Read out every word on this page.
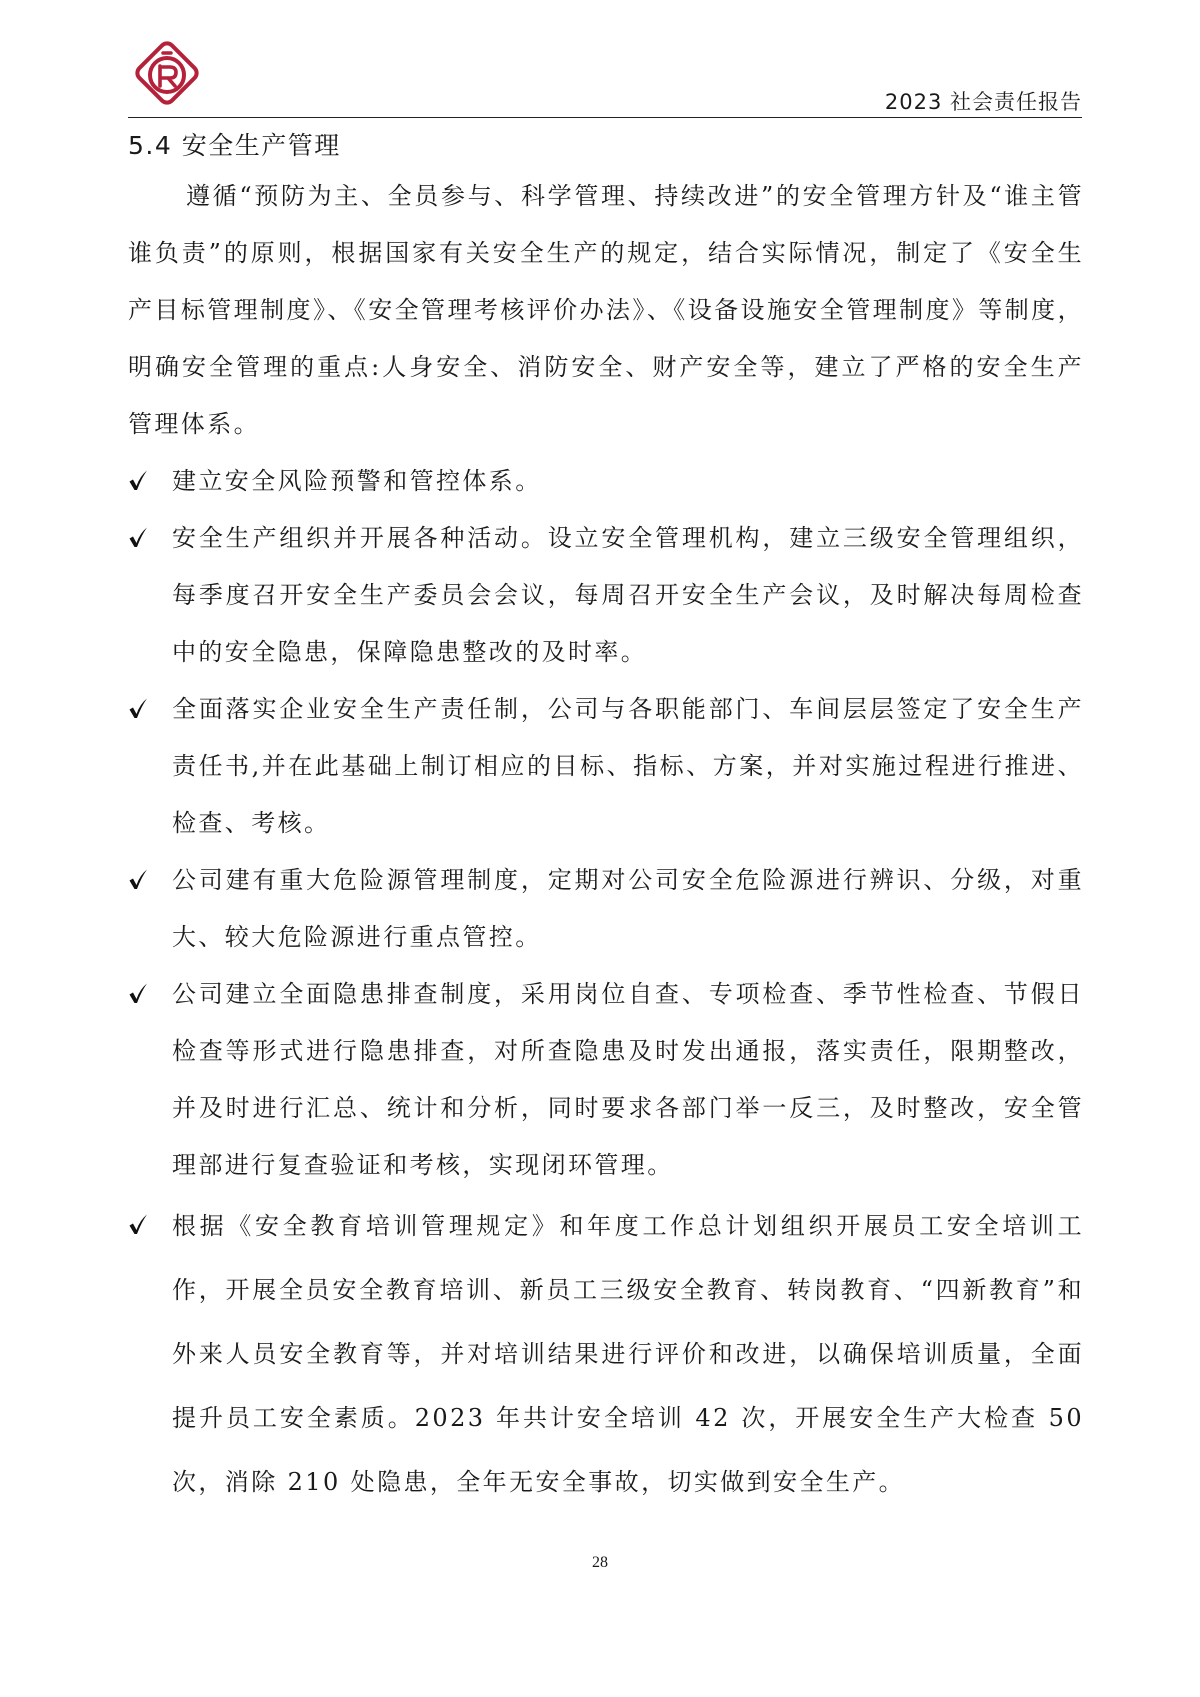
2023 社会责任报告
5.4 安全生产管理

遵循“预防为主、全员参与、科学管理、持续改进”的安全管理方针及“谁主管谁负责”的原则，根据国家有关安全生产的规定，结合实际情况，制定了《安全生产目标管理制度》、《安全管理考核评价办法》、《设备设施安全管理制度》等制度，明确安全管理的重点:人身安全、消防安全、财产安全等，建立了严格的安全生产管理体系。

建立安全风险预警和管控体系。
安全生产组织并开展各种活动。设立安全管理机构，建立三级安全管理组织，每季度召开安全生产委员会会议，每周召开安全生产会议，及时解决每周检查中的安全隐患，保障隐患整改的及时率。
全面落实企业安全生产责任制，公司与各职能部门、车间层层签定了安全生产责任书,并在此基础上制订相应的目标、指标、方案，并对实施过程进行推进、检查、考核。
公司建有重大危险源管理制度，定期对公司安全危险源进行辨识、分级，对重大、较大危险源进行重点管控。
公司建立全面隐患排查制度，采用岗位自查、专项检查、季节性检查、节假日检查等形式进行隐患排查，对所查隐患及时发出通报，落实责任，限期整改，并及时进行汇总、统计和分析，同时要求各部门举一反三，及时整改，安全管理部进行复查验证和考核，实现闭环管理。
根据《安全教育培训管理规定》和年度工作总计划组织开展员工安全培训工作，开展全员安全教育培训、新员工三级安全教育、转岗教育、“四新教育”和外来人员安全教育等，并对培训结果进行评价和改进，以确保培训质量，全面提升员工安全素质。2023 年共计安全培训 42 次，开展安全生产大检查 50 次，消除 210 处隐患，全年无安全事故，切实做到安全生产。
28
